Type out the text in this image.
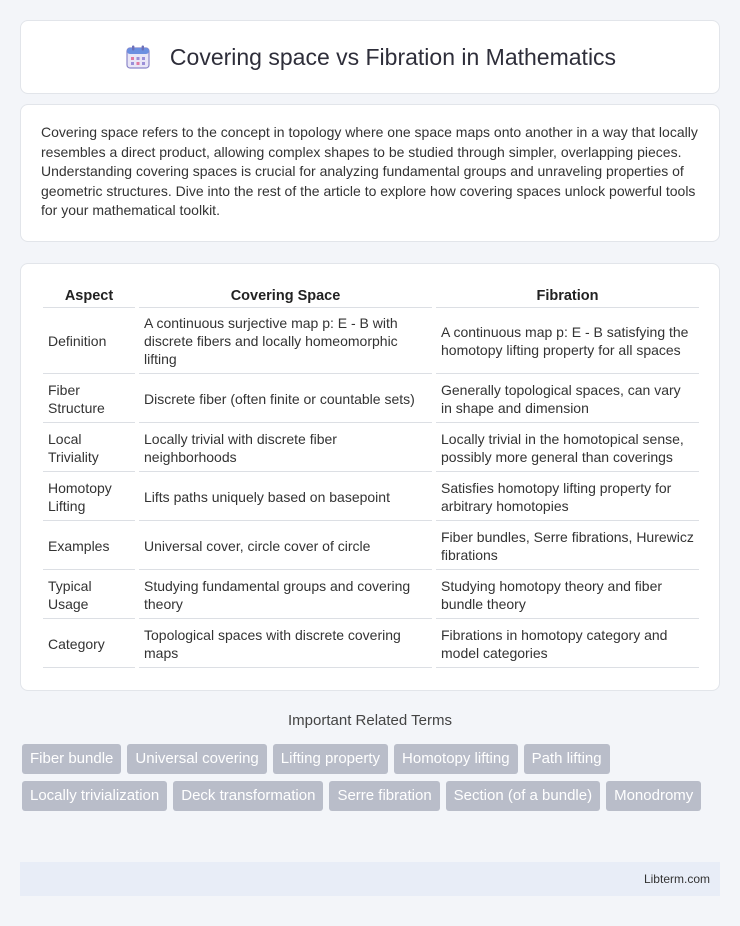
Covering space vs Fibration in Mathematics

Covering space refers to the concept in topology where one space maps onto another in a way that locally resembles a direct product, allowing complex shapes to be studied through simpler, overlapping pieces. Understanding covering spaces is crucial for analyzing fundamental groups and unraveling properties of geometric structures. Dive into the rest of the article to explore how covering spaces unlock powerful tools for your mathematical toolkit.

Aspect		Covering Space		Fibration
Definition		A continuous surjective map p: E - B with discrete fibers and locally homeomorphic lifting		A continuous map p: E - B satisfying the homotopy lifting property for all spaces
Fiber Structure		Discrete fiber (often finite or countable sets)		Generally topological spaces, can vary in shape and dimension
Local Triviality		Locally trivial with discrete fiber neighborhoods		Locally trivial in the homotopical sense, possibly more general than coverings
Homotopy Lifting		Lifts paths uniquely based on basepoint		Satisfies homotopy lifting property for arbitrary homotopies
Examples		Universal cover, circle cover of circle		Fiber bundles, Serre fibrations, Hurewicz fibrations
Typical Usage		Studying fundamental groups and covering theory		Studying homotopy theory and fiber bundle theory
Category		Topological spaces with discrete covering maps		Fibrations in homotopy category and model categories
Important Related Terms
Fiber bundle	Universal covering	Lifting property	Homotopy lifting	Path lifting
Locally trivialization	Deck transformation	Serre fibration	Section (of a bundle)	Monodromy
Libterm.com
